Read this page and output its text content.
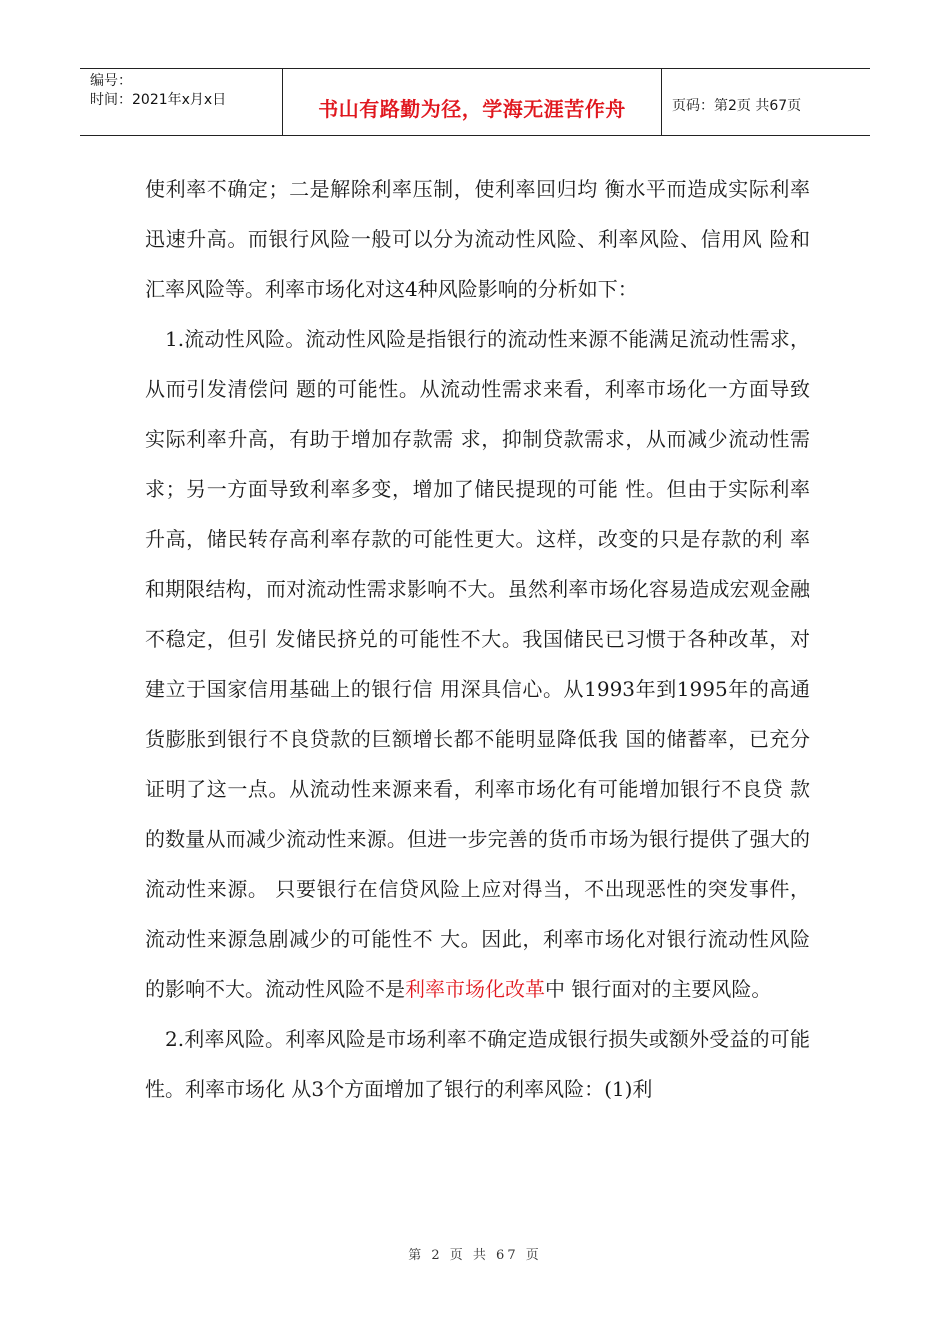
编号：
时间：2021年x月x日	书山有路勤为径，学海无涯苦作舟	页码：第2页 共67页

使利率不确定；二是解除利率压制，使利率回归均 衡水平而造成实际利率迅速升高。而银行风险一般可以分为流动性风险、利率风险、信用风 险和汇率风险等。利率市场化对这4种风险影响的分析如下：

1.流动性风险。流动性风险是指银行的流动性来源不能满足流动性需求，从而引发清偿问 题的可能性。从流动性需求来看，利率市场化一方面导致实际利率升高，有助于增加存款需 求，抑制贷款需求，从而减少流动性需求；另一方面导致利率多变，增加了储民提现的可能 性。但由于实际利率升高，储民转存高利率存款的可能性更大。这样，改变的只是存款的利 率和期限结构，而对流动性需求影响不大。虽然利率市场化容易造成宏观金融不稳定，但引 发储民挤兑的可能性不大。我国储民已习惯于各种改革，对建立于国家信用基础上的银行信 用深具信心。从1993年到1995年的高通货膨胀到银行不良贷款的巨额增长都不能明显降低我 国的储蓄率，已充分证明了这一点。从流动性来源来看，利率市场化有可能增加银行不良贷 款的数量从而减少流动性来源。但进一步完善的货币市场为银行提供了强大的流动性来源。 只要银行在信贷风险上应对得当，不出现恶性的突发事件，流动性来源急剧减少的可能性不 大。因此，利率市场化对银行流动性风险的影响不大。流动性风险不是利率市场化改革中 银行面对的主要风险。

2.利率风险。利率风险是市场利率不确定造成银行损失或额外受益的可能性。利率市场化 从3个方面增加了银行的利率风险：(1)利

第 2 页 共 67 页
